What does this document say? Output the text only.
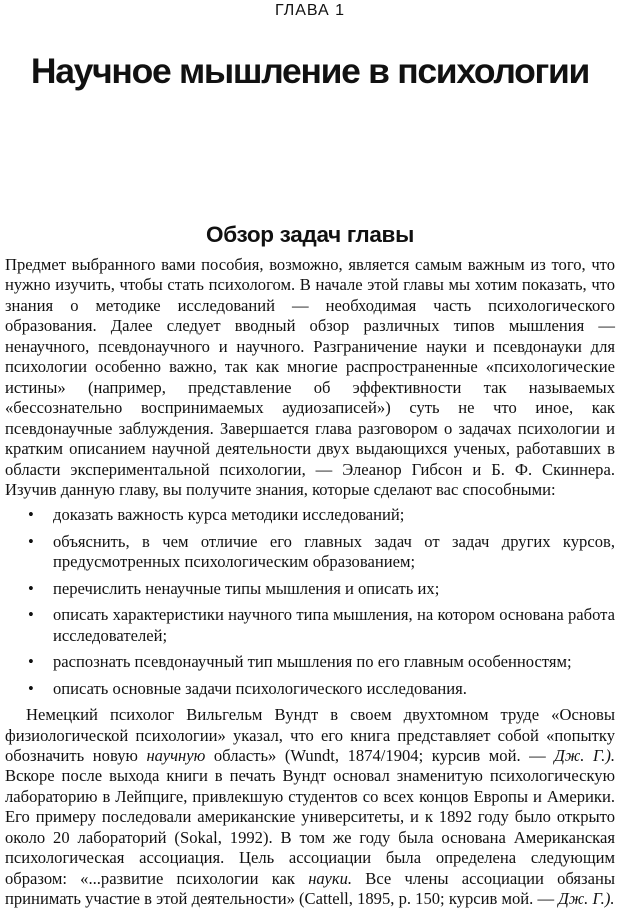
ГЛАВА 1
Научное мышление в психологии
Обзор задач главы

Предмет выбранного вами пособия, возможно, является самым важным из того, что нужно изучить, чтобы стать психологом. В начале этой главы мы хотим показать, что знания о методике исследований — необходимая часть психологического образования. Далее следует вводный обзор различных типов мышления — ненаучного, псевдонаучного и научного. Разграничение науки и псевдонауки для психологии особенно важно, так как многие распространенные «психологические истины» (например, представление об эффективности так называемых «бессознательно воспринимаемых аудиозаписей») суть не что иное, как псевдонаучные заблуждения. Завершается глава разговором о задачах психологии и кратким описанием научной деятельности двух выдающихся ученых, работавших в области экспериментальной психологии, — Элеанор Гибсон и Б. Ф. Скиннера. Изучив данную главу, вы получите знания, которые сделают вас способными:

• доказать важность курса методики исследований;
• объяснить, в чем отличие его главных задач от задач других курсов, предусмотренных психологическим образованием;
• перечислить ненаучные типы мышления и описать их;
• описать характеристики научного типа мышления, на котором основана работа исследователей;
• распознать псевдонаучный тип мышления по его главным особенностям;
• описать основные задачи психологического исследования.

Немецкий психолог Вильгельм Вундт в своем двухтомном труде «Основы физиологической психологии» указал, что его книга представляет собой «попытку обозначить новую научную область» (Wundt, 1874/1904; курсив мой. — Дж. Г.). Вскоре после выхода книги в печать Вундт основал знаменитую психологическую лабораторию в Лейпциге, привлекшую студентов со всех концов Европы и Америки. Его примеру последовали американские университеты, и к 1892 году было открыто около 20 лабораторий (Sokal, 1992). В том же году была основана Американская психологическая ассоциация. Цель ассоциации была определена следующим образом: «...развитие психологии как науки. Все члены ассоциации обязаны принимать участие в этой деятельности» (Cattell, 1895, р. 150; курсив мой. — Дж. Г.).
